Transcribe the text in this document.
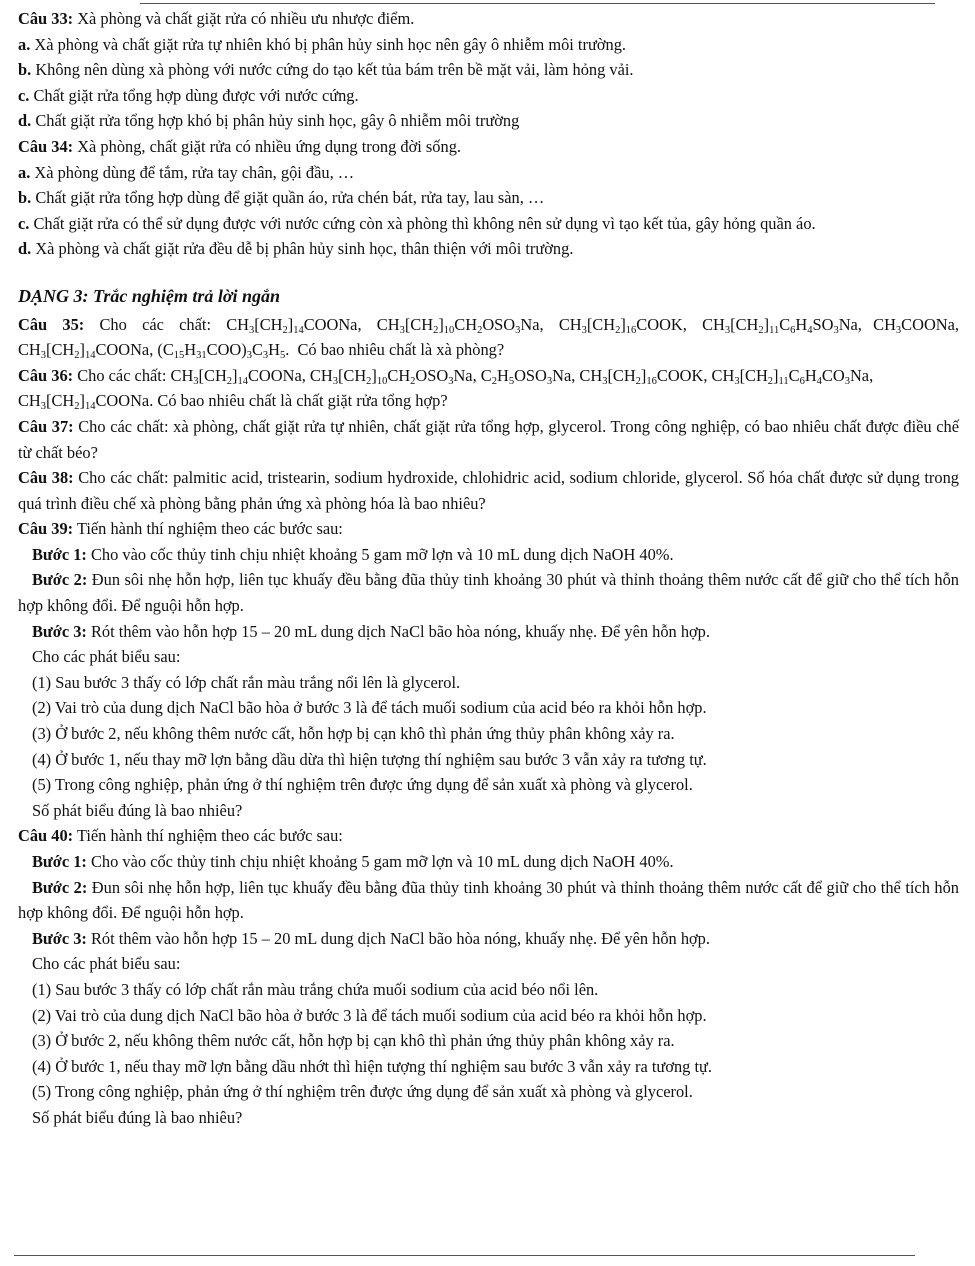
Câu 33: Xà phòng và chất giặt rửa có nhiều ưu nhược điểm.

a. Xà phòng và chất giặt rửa tự nhiên khó bị phân hủy sinh học nên gây ô nhiễm môi trường.

b. Không nên dùng xà phòng với nước cứng do tạo kết tủa bám trên bề mặt vải, làm hỏng vải.

c. Chất giặt rửa tổng hợp dùng được với nước cứng.

d. Chất giặt rửa tổng hợp khó bị phân hủy sinh học, gây ô nhiễm môi trường

Câu 34: Xà phòng, chất giặt rửa có nhiều ứng dụng trong đời sống.

a. Xà phòng dùng để tắm, rửa tay chân, gội đầu, …

b. Chất giặt rửa tổng hợp dùng để giặt quần áo, rửa chén bát, rửa tay, lau sàn, …

c. Chất giặt rửa có thể sử dụng được với nước cứng còn xà phòng thì không nên sử dụng vì tạo kết tủa, gây hỏng quần áo.

d. Xà phòng và chất giặt rửa đều dễ bị phân hủy sinh học, thân thiện với môi trường.

DẠNG 3: Trắc nghiệm trả lời ngắn

Câu 35: Cho các chất: $CH_3[CH_2]_{14}COONa$, $CH_3[CH_2]_{10}CH_2OSO_3Na$, $CH_3[CH_2]_{16}COOK$, $CH_3[CH_2]_{11}C_6H_4SO_3Na$, $CH_3COONa$, $CH_3[CH_2]_{14}COONa$, $(C_{15}H_{31}COO)_3C_3H_5$. Có bao nhiêu chất là xà phòng?

Câu 36: Cho các chất: $CH_3[CH_2]_{14}COONa$, $CH_3[CH_2]_{10}CH_2OSO_3Na$, $C_2H_5OSO_3Na$, $CH_3[CH_2]_{16}COOK$, $CH_3[CH_2]_{11}C_6H_4CO_3Na$, $CH_3[CH_2]_{14}COONa$. Có bao nhiêu chất là chất giặt rửa tổng hợp?

Câu 37: Cho các chất: xà phòng, chất giặt rửa tự nhiên, chất giặt rửa tổng hợp, glycerol. Trong công nghiệp, có bao nhiêu chất được điều chế từ chất béo?

Câu 38: Cho các chất: palmitic acid, tristearin, sodium hydroxide, chlohidric acid, sodium chloride, glycerol. Số hóa chất được sử dụng trong quá trình điều chế xà phòng bằng phản ứng xà phòng hóa là bao nhiêu?

Câu 39: Tiến hành thí nghiệm theo các bước sau:

Bước 1: Cho vào cốc thủy tinh chịu nhiệt khoảng 5 gam mỡ lợn và 10 mL dung dịch NaOH 40%.

Bước 2: Đun sôi nhẹ hỗn hợp, liên tục khuấy đều bằng đũa thủy tinh khoảng 30 phút và thỉnh thoảng thêm nước cất để giữ cho thể tích hỗn hợp không đổi. Để nguội hỗn hợp.

Bước 3: Rót thêm vào hỗn hợp 15 – 20 mL dung dịch NaCl bão hòa nóng, khuấy nhẹ. Để yên hỗn hợp.

Cho các phát biểu sau:

(1) Sau bước 3 thấy có lớp chất rắn màu trắng nổi lên là glycerol.

(2) Vai trò của dung dịch NaCl bão hòa ở bước 3 là để tách muối sodium của acid béo ra khỏi hỗn hợp.

(3) Ở bước 2, nếu không thêm nước cất, hỗn hợp bị cạn khô thì phản ứng thủy phân không xảy ra.

(4) Ở bước 1, nếu thay mỡ lợn bằng dầu dừa thì hiện tượng thí nghiệm sau bước 3 vẫn xảy ra tương tự.

(5) Trong công nghiệp, phản ứng ở thí nghiệm trên được ứng dụng để sản xuất xà phòng và glycerol.

Số phát biểu đúng là bao nhiêu?

Câu 40: Tiến hành thí nghiệm theo các bước sau:

Bước 1: Cho vào cốc thủy tinh chịu nhiệt khoảng 5 gam mỡ lợn và 10 mL dung dịch NaOH 40%.

Bước 2: Đun sôi nhẹ hỗn hợp, liên tục khuấy đều bằng đũa thủy tinh khoảng 30 phút và thỉnh thoảng thêm nước cất để giữ cho thể tích hỗn hợp không đổi. Để nguội hỗn hợp.

Bước 3: Rót thêm vào hỗn hợp 15 – 20 mL dung dịch NaCl bão hòa nóng, khuấy nhẹ. Để yên hỗn hợp.

Cho các phát biểu sau:

(1) Sau bước 3 thấy có lớp chất rắn màu trắng chứa muối sodium của acid béo nổi lên.

(2) Vai trò của dung dịch NaCl bão hòa ở bước 3 là để tách muối sodium của acid béo ra khỏi hỗn hợp.

(3) Ở bước 2, nếu không thêm nước cất, hỗn hợp bị cạn khô thì phản ứng thủy phân không xảy ra.

(4) Ở bước 1, nếu thay mỡ lợn bằng dầu nhớt thì hiện tượng thí nghiệm sau bước 3 vẫn xảy ra tương tự.

(5) Trong công nghiệp, phản ứng ở thí nghiệm trên được ứng dụng để sản xuất xà phòng và glycerol.

Số phát biểu đúng là bao nhiêu?
